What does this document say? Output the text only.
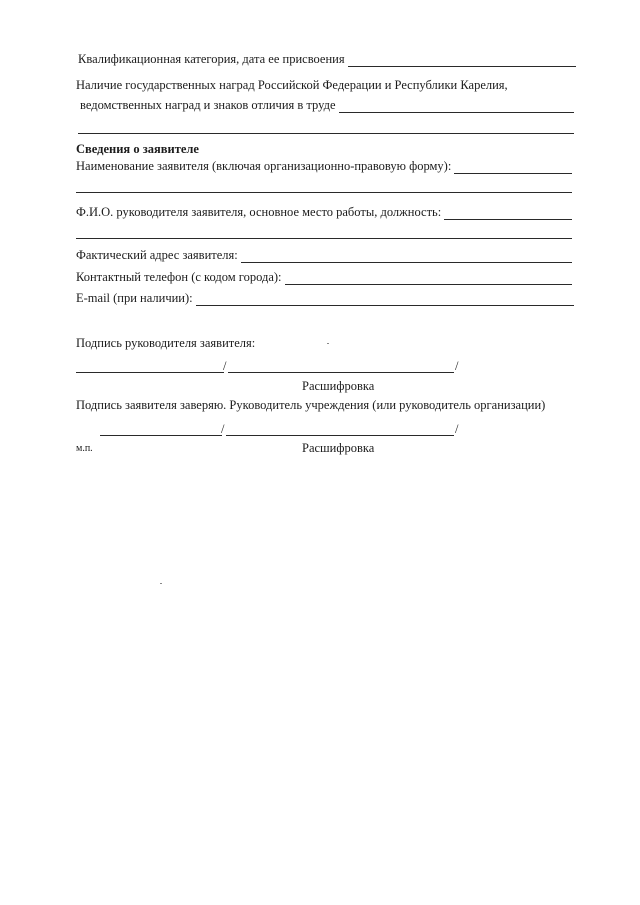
Квалификационная категория, дата ее присвоения
Наличие государственных наград Российской Федерации и Республики Карелия,
ведомственных наград и знаков отличия в труде
Сведения о заявителе
Наименование заявителя (включая организационно-правовую форму):
Ф.И.О. руководителя заявителя, основное место работы, должность:
Фактический адрес заявителя:
Контактный телефон (с кодом города):
E-mail (при наличии):
Подпись руководителя заявителя:
/	/
Расшифровка
Подпись заявителя заверяю. Руководитель учреждения (или руководитель организации)
/	/
м.п.	Расшифровка
